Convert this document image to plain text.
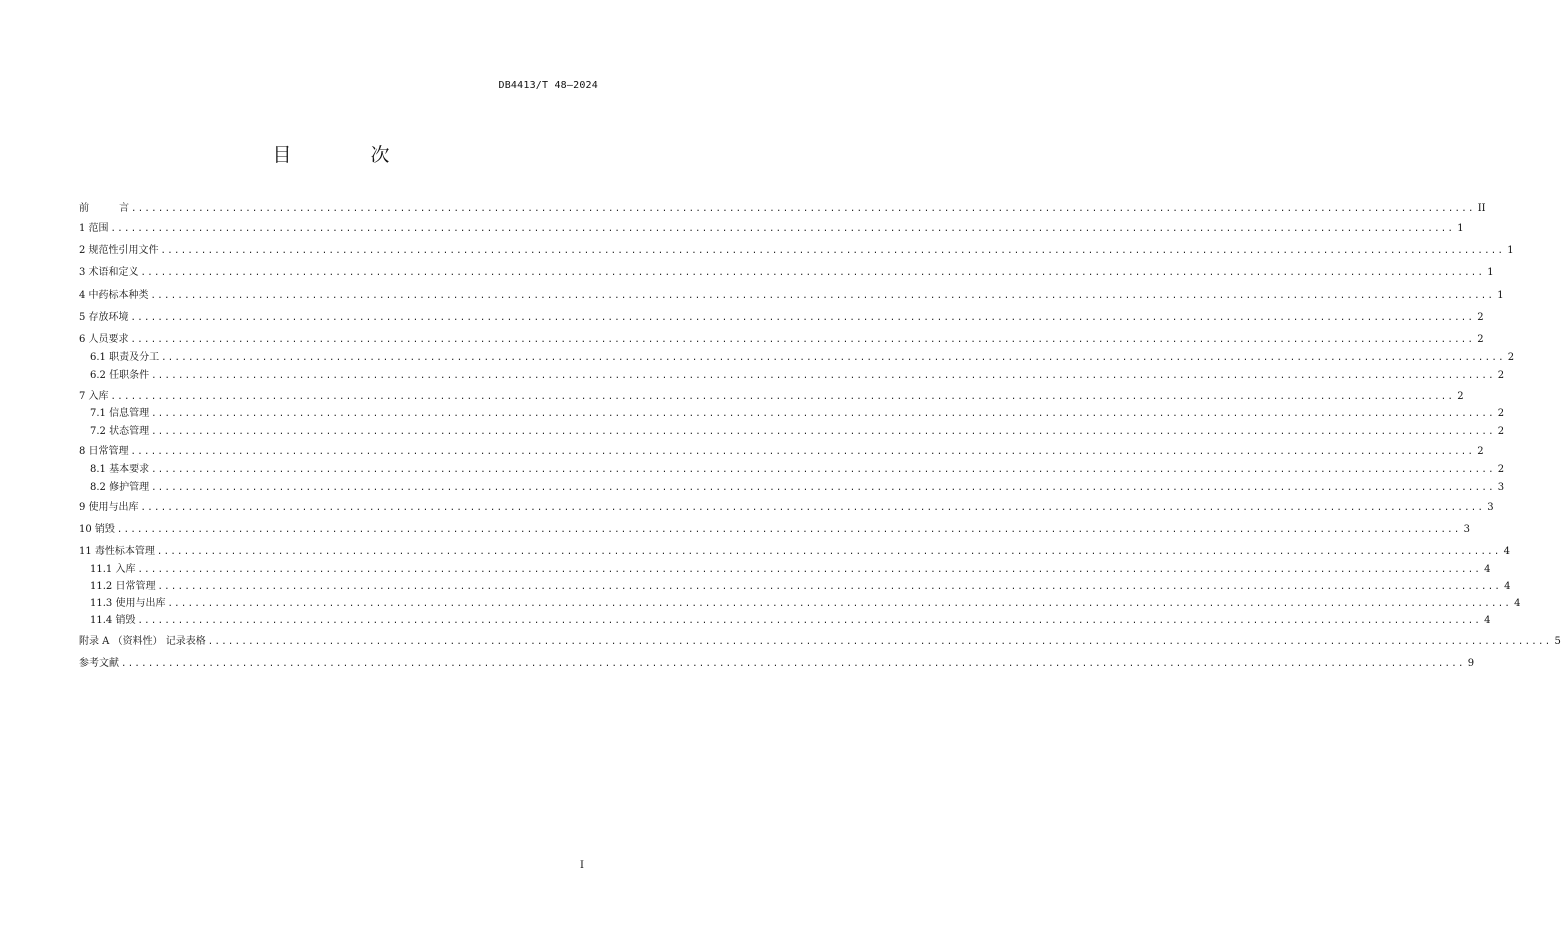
DB4413/T 48—2024
目　次
前　　　言 ........................................................................................................................................................................................................ II
1 范围 ........................................................................................................................................................................................................ 1
2 规范性引用文件 ........................................................................................................................................................................................................ 1
3 术语和定义 ........................................................................................................................................................................................................ 1
4 中药标本种类 ........................................................................................................................................................................................................ 1
5 存放环境 ........................................................................................................................................................................................................ 2
6 人员要求 ........................................................................................................................................................................................................ 2
6.1 职责及分工 ........................................................................................................................................................................................................ 2
6.2 任职条件 ........................................................................................................................................................................................................ 2
7 入库 ........................................................................................................................................................................................................ 2
7.1 信息管理 ........................................................................................................................................................................................................ 2
7.2 状态管理 ........................................................................................................................................................................................................ 2
8 日常管理 ........................................................................................................................................................................................................ 2
8.1 基本要求 ........................................................................................................................................................................................................ 2
8.2 修护管理 ........................................................................................................................................................................................................ 3
9 使用与出库 ........................................................................................................................................................................................................ 3
10 销毁 ........................................................................................................................................................................................................ 3
11 毒性标本管理 ........................................................................................................................................................................................................ 4
11.1 入库 ........................................................................................................................................................................................................ 4
11.2 日常管理 ........................................................................................................................................................................................................ 4
11.3 使用与出库 ........................................................................................................................................................................................................ 4
11.4 销毁 ........................................................................................................................................................................................................ 4
附录 A （资料性） 记录表格 ........................................................................................................................................................................................................ 5
参考文献 ........................................................................................................................................................................................................ 9
I
